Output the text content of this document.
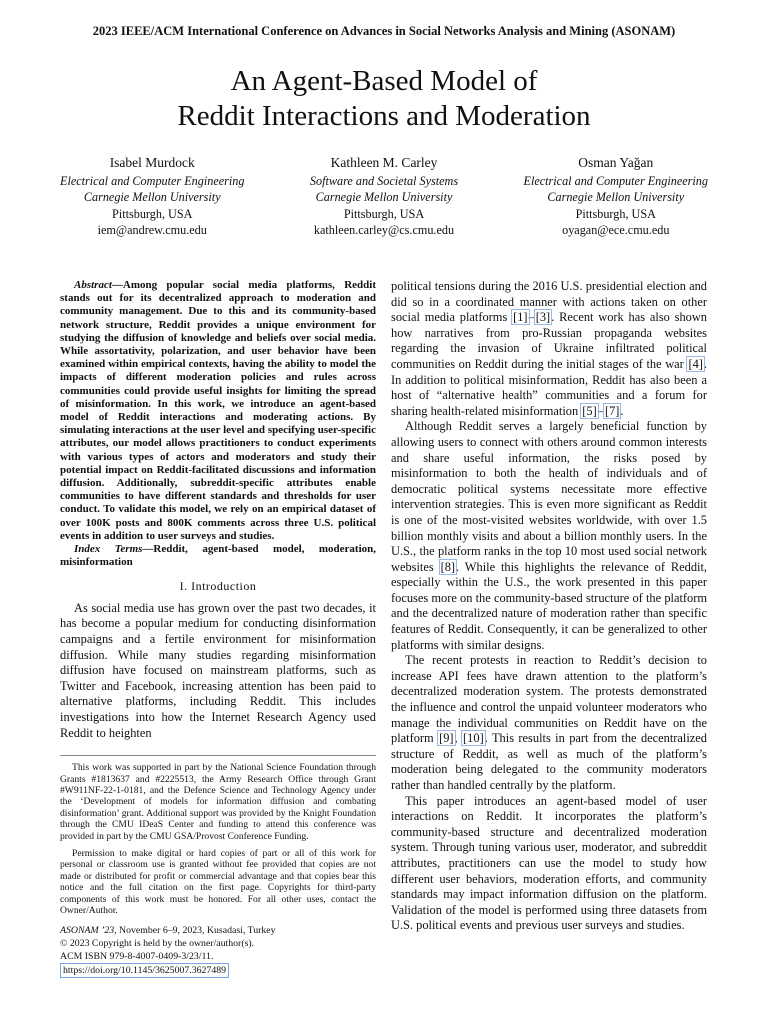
2023 IEEE/ACM International Conference on Advances in Social Networks Analysis and Mining (ASONAM)
An Agent-Based Model of
Reddit Interactions and Moderation
Isabel Murdock
Electrical and Computer Engineering
Carnegie Mellon University
Pittsburgh, USA
iem@andrew.cmu.edu
Kathleen M. Carley
Software and Societal Systems
Carnegie Mellon University
Pittsburgh, USA
kathleen.carley@cs.cmu.edu
Osman Yağan
Electrical and Computer Engineering
Carnegie Mellon University
Pittsburgh, USA
oyagan@ece.cmu.edu

Abstract—Among popular social media platforms, Reddit stands out for its decentralized approach to moderation and community management. Due to this and its community-based network structure, Reddit provides a unique environment for studying the diffusion of knowledge and beliefs over social media. While assortativity, polarization, and user behavior have been examined within empirical contexts, having the ability to model the impacts of different moderation policies and rules across communities could provide useful insights for limiting the spread of misinformation. In this work, we introduce an agent-based model of Reddit interactions and moderating actions. By simulating interactions at the user level and specifying user-specific attributes, our model allows practitioners to conduct experiments with various types of actors and moderators and study their potential impact on Reddit-facilitated discussions and information diffusion. Additionally, subreddit-specific attributes enable communities to have different standards and thresholds for user conduct. To validate this model, we rely on an empirical dataset of over 100K posts and 800K comments across three U.S. political events in addition to user surveys and studies.

Index Terms—Reddit, agent-based model, moderation, misinformation

I. Introduction

As social media use has grown over the past two decades, it has become a popular medium for conducting disinformation campaigns and a fertile environment for misinformation diffusion. While many studies regarding misinformation diffusion have focused on mainstream platforms, such as Twitter and Facebook, increasing attention has been paid to alternative platforms, including Reddit. This includes investigations into how the Internet Research Agency used Reddit to heighten

This work was supported in part by the National Science Foundation through Grants #1813637 and #2225513, the Army Research Office through Grant #W911NF-22-1-0181, and the Defence Science and Technology Agency under the ‘Development of models for information diffusion and combating disinformation’ grant. Additional support was provided by the Knight Foundation through the CMU IDeaS Center and funding to attend this conference was provided in part by the CMU GSA/Provost Conference Funding.

Permission to make digital or hard copies of part or all of this work for personal or classroom use is granted without fee provided that copies are not made or distributed for profit or commercial advantage and that copies bear this notice and the full citation on the first page. Copyrights for third-party components of this work must be honored. For all other uses, contact the Owner/Author.

ASONAM ’23, November 6–9, 2023, Kusadasi, Turkey
© 2023 Copyright is held by the owner/author(s).
ACM ISBN 979-8-4007-0409-3/23/11.
https://doi.org/10.1145/3625007.3627489

political tensions during the 2016 U.S. presidential election and did so in a coordinated manner with actions taken on other social media platforms [1]–[3]. Recent work has also shown how narratives from pro-Russian propaganda websites regarding the invasion of Ukraine infiltrated political communities on Reddit during the initial stages of the war [4]. In addition to political misinformation, Reddit has also been a host of “alternative health” communities and a forum for sharing health-related misinformation [5]–[7].

Although Reddit serves a largely beneficial function by allowing users to connect with others around common interests and share useful information, the risks posed by misinformation to both the health of individuals and of democratic political systems necessitate more effective intervention strategies. This is even more significant as Reddit is one of the most-visited websites worldwide, with over 1.5 billion monthly visits and about a billion monthly users. In the U.S., the platform ranks in the top 10 most used social network websites [8]. While this highlights the relevance of Reddit, especially within the U.S., the work presented in this paper focuses more on the community-based structure of the platform and the decentralized nature of moderation rather than specific features of Reddit. Consequently, it can be generalized to other platforms with similar designs.

The recent protests in reaction to Reddit’s decision to increase API fees have drawn attention to the platform’s decentralized moderation system. The protests demonstrated the influence and control the unpaid volunteer moderators who manage the individual communities on Reddit have on the platform [9], [10]. This results in part from the decentralized structure of Reddit, as well as much of the platform’s moderation being delegated to the community moderators rather than handled centrally by the platform.

This paper introduces an agent-based model of user interactions on Reddit. It incorporates the platform’s community-based structure and decentralized moderation system. Through tuning various user, moderator, and subreddit attributes, practitioners can use the model to study how different user behaviors, moderation efforts, and community standards may impact information diffusion on the platform. Validation of the model is performed using three datasets from U.S. political events and previous user surveys and studies.
